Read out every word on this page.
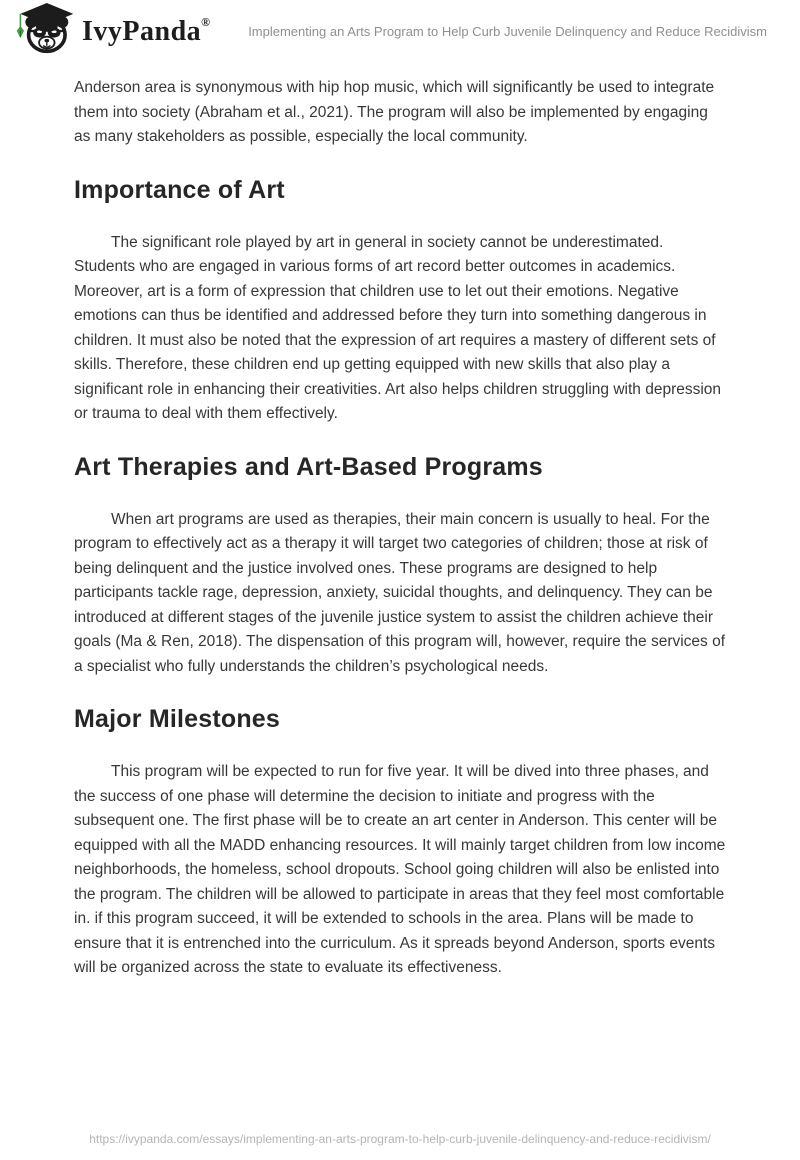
IvyPanda®
Implementing an Arts Program to Help Curb Juvenile Delinquency and Reduce Recidivism

Anderson area is synonymous with hip hop music, which will significantly be used to integrate them into society (Abraham et al., 2021). The program will also be implemented by engaging as many stakeholders as possible, especially the local community.

Importance of Art

The significant role played by art in general in society cannot be underestimated. Students who are engaged in various forms of art record better outcomes in academics. Moreover, art is a form of expression that children use to let out their emotions. Negative emotions can thus be identified and addressed before they turn into something dangerous in children. It must also be noted that the expression of art requires a mastery of different sets of skills. Therefore, these children end up getting equipped with new skills that also play a significant role in enhancing their creativities. Art also helps children struggling with depression or trauma to deal with them effectively.

Art Therapies and Art-Based Programs

When art programs are used as therapies, their main concern is usually to heal. For the program to effectively act as a therapy it will target two categories of children; those at risk of being delinquent and the justice involved ones. These programs are designed to help participants tackle rage, depression, anxiety, suicidal thoughts, and delinquency. They can be introduced at different stages of the juvenile justice system to assist the children achieve their goals (Ma & Ren, 2018). The dispensation of this program will, however, require the services of a specialist who fully understands the children’s psychological needs.

Major Milestones

This program will be expected to run for five year. It will be dived into three phases, and the success of one phase will determine the decision to initiate and progress with the subsequent one. The first phase will be to create an art center in Anderson. This center will be equipped with all the MADD enhancing resources. It will mainly target children from low income neighborhoods, the homeless, school dropouts. School going children will also be enlisted into the program. The children will be allowed to participate in areas that they feel most comfortable in. if this program succeed, it will be extended to schools in the area. Plans will be made to ensure that it is entrenched into the curriculum. As it spreads beyond Anderson, sports events will be organized across the state to evaluate its effectiveness.

https://ivypanda.com/essays/implementing-an-arts-program-to-help-curb-juvenile-delinquency-and-reduce-recidivism/
